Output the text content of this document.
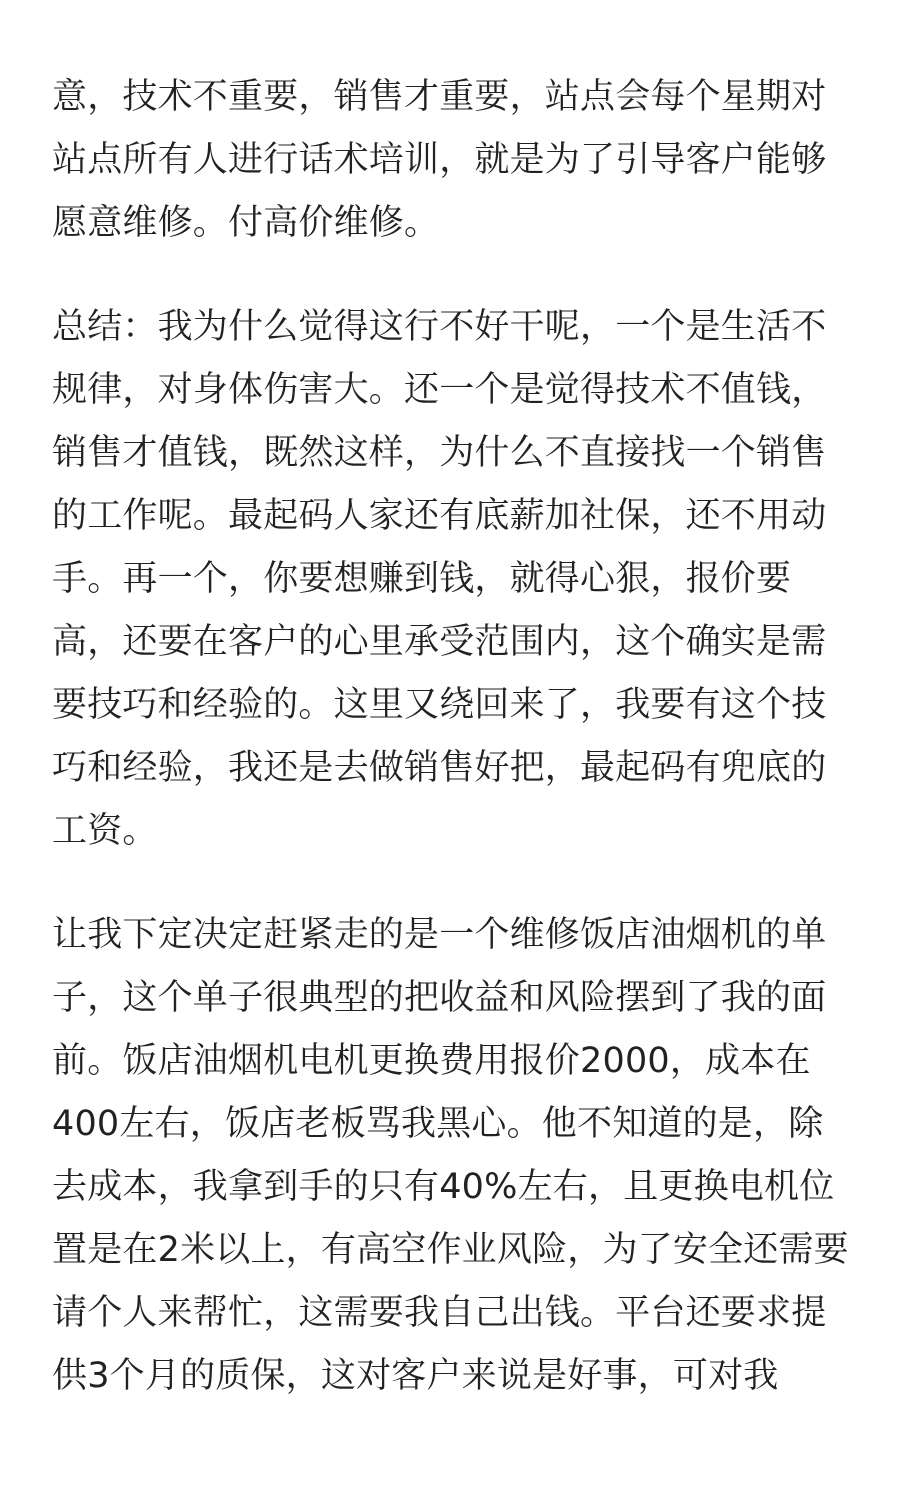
意，技术不重要，销售才重要，站点会每个星期对站点所有人进行话术培训，就是为了引导客户能够愿意维修。付高价维修。

总结：我为什么觉得这行不好干呢，一个是生活不规律，对身体伤害大。还一个是觉得技术不值钱，销售才值钱，既然这样，为什么不直接找一个销售的工作呢。最起码人家还有底薪加社保，还不用动手。再一个，你要想赚到钱，就得心狠，报价要高，还要在客户的心里承受范围内，这个确实是需要技巧和经验的。这里又绕回来了，我要有这个技巧和经验，我还是去做销售好把，最起码有兜底的工资。

让我下定决定赶紧走的是一个维修饭店油烟机的单子，这个单子很典型的把收益和风险摆到了我的面前。饭店油烟机电机更换费用报价2000，成本在400左右，饭店老板骂我黑心。他不知道的是，除去成本，我拿到手的只有40%左右，且更换电机位置是在2米以上，有高空作业风险，为了安全还需要请个人来帮忙，这需要我自己出钱。平台还要求提供3个月的质保，这对客户来说是好事，可对我
